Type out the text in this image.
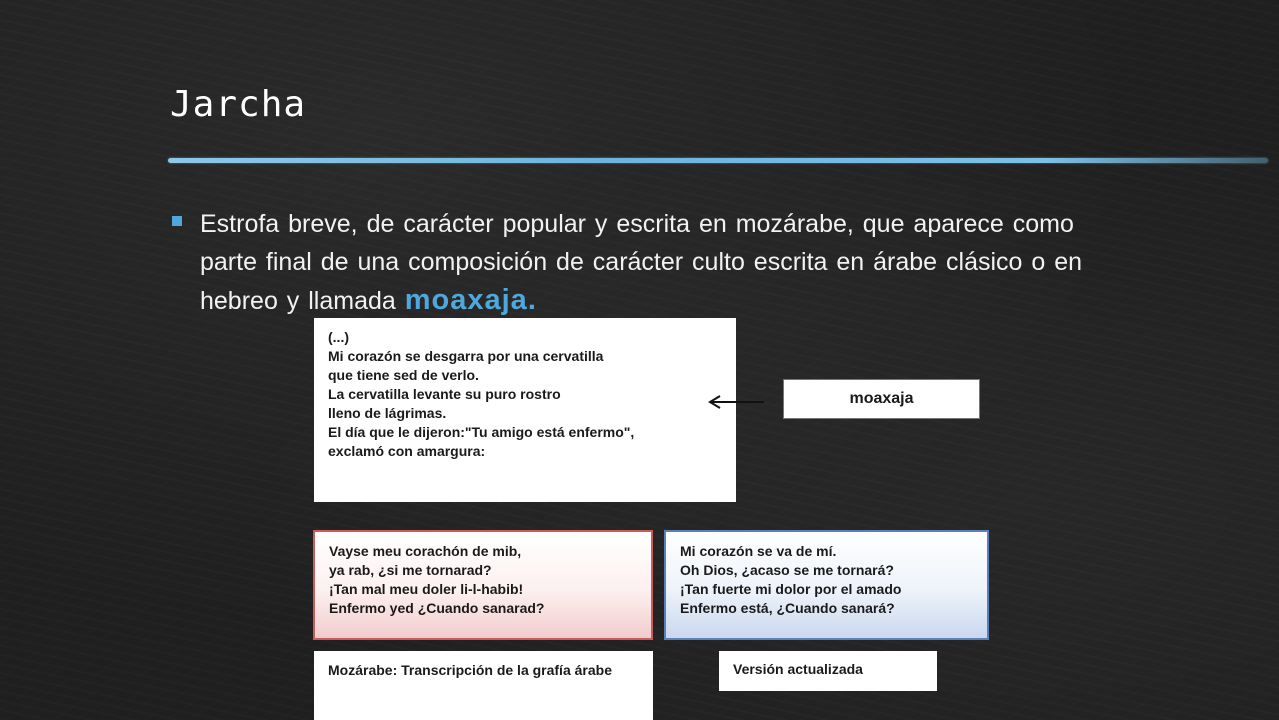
Jarcha
Estrofa breve, de carácter popular y escrita en mozárabe, que aparece como parte final de una composición de carácter culto escrita en árabe clásico o en hebreo y llamada moaxaja.
(...)
Mi corazón se desgarra por una cervatilla
que tiene sed de verlo.
La cervatilla levante su puro rostro
lleno de lágrimas.
El día que le dijeron:"Tu amigo está enfermo",
exclamó con amargura:
moaxaja
Vayse meu corachón de mib,
ya rab, ¿si me tornarad?
¡Tan mal meu doler li-l-habib!
Enfermo yed ¿Cuando sanarad?
Mi corazón se va de mí.
Oh Dios, ¿acaso se me tornará?
¡Tan fuerte mi dolor por el amado
Enfermo está, ¿Cuando sanará?
Mozárabe: Transcripción de la grafía árabe	Versión actualizada
